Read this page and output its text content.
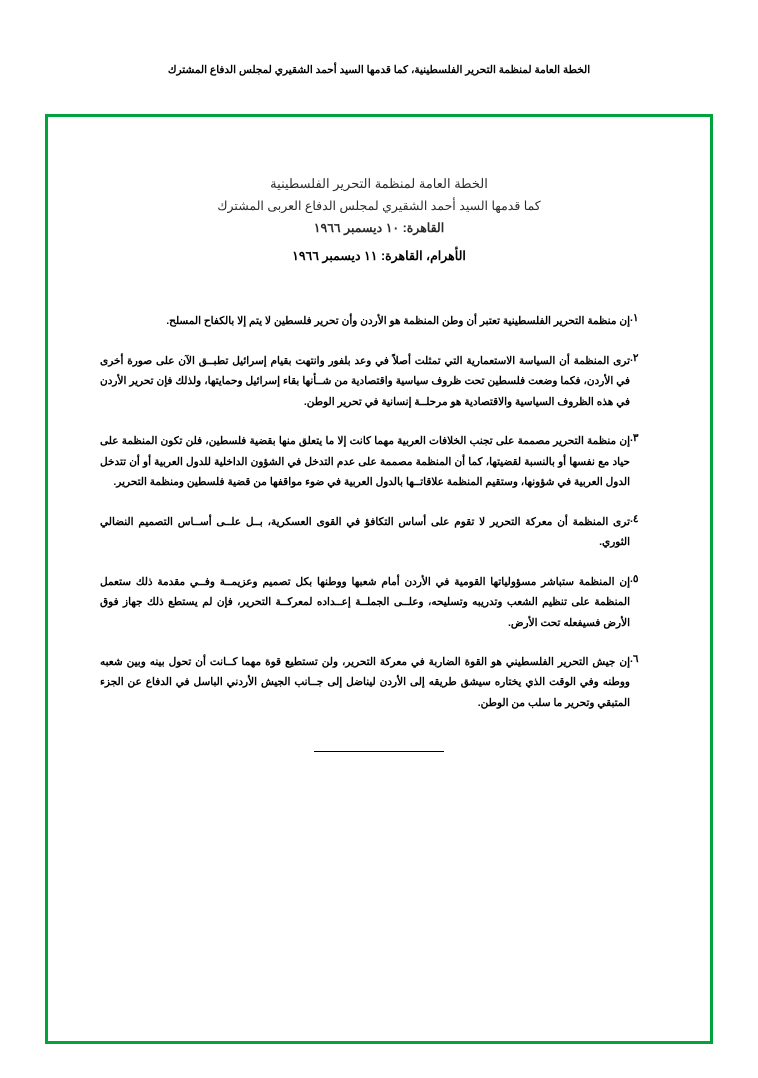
الخطة العامة لمنظمة التحرير الفلسطينية، كما قدمها السيد أحمد الشقيري لمجلس الدفاع المشترك
الخطة العامة لمنظمة التحرير الفلسطينية
كما قدمها السيد أحمد الشقيري لمجلس الدفاع العربى المشترك
القاهرة: ١٠ ديسمبر ١٩٦٦
الأهرام، القاهرة: ١١ ديسمبر ١٩٦٦
١.
إن منظمة التحرير الفلسطينية تعتبر أن وطن المنظمة هو الأردن وأن تحرير فلسطين لا يتم إلا بالكفاح المسلح.
٢.
ترى المنظمة أن السياسة الاستعمارية التي تمثلت أصلاً في وعد بلفور وانتهت بقيام إسرائيل تطبــق الآن على صورة أخرى في الأردن، فكما وضعت فلسطين تحت ظروف سياسية واقتصادية من شــأنها بقاء إسرائيل وحمايتها، ولذلك فإن تحرير الأردن في هذه الظروف السياسية والاقتصادية هو مرحلــة إنسانية في تحرير الوطن.
٣.
إن منظمة التحرير مصممة على تجنب الخلافات العربية مهما كانت إلا ما يتعلق منها بقضية فلسطين، فلن تكون المنظمة على حياد مع نفسها أو بالنسبة لقضيتها، كما أن المنظمة مصممة على عدم التدخل في الشؤون الداخلية للدول العربية أو أن تتدخل الدول العربية في شؤونها، وستقيم المنظمة علاقاتــها بالدول العربية في ضوء مواقفها من قضية فلسطين ومنظمة التحرير.
٤.
ترى المنظمة أن معركة التحرير لا تقوم على أساس التكافؤ في القوى العسكرية، بــل علــى أســاس التصميم النضالي الثوري.
٥.
إن المنظمة ستباشر مسؤولياتها القومية في الأردن أمام شعبها ووطنها بكل تصميم وعزيمــة وفــي مقدمة ذلك ستعمل المنظمة على تنظيم الشعب وتدريبه وتسليحه، وعلــى الجملــة إعــداده لمعركــة التحرير، فإن لم يستطع ذلك جهاز فوق الأرض فسيفعله تحت الأرض.
٦.
إن جيش التحرير الفلسطيني هو القوة الضاربة في معركة التحرير، ولن تستطيع قوة مهما كــانت أن تحول بينه وبين شعبه ووطنه وفي الوقت الذي يختاره سيشق طريقه إلى الأردن ليناضل إلى جــانب الجيش الأردني الباسل في الدفاع عن الجزء المتبقي وتحرير ما سلب من الوطن.
